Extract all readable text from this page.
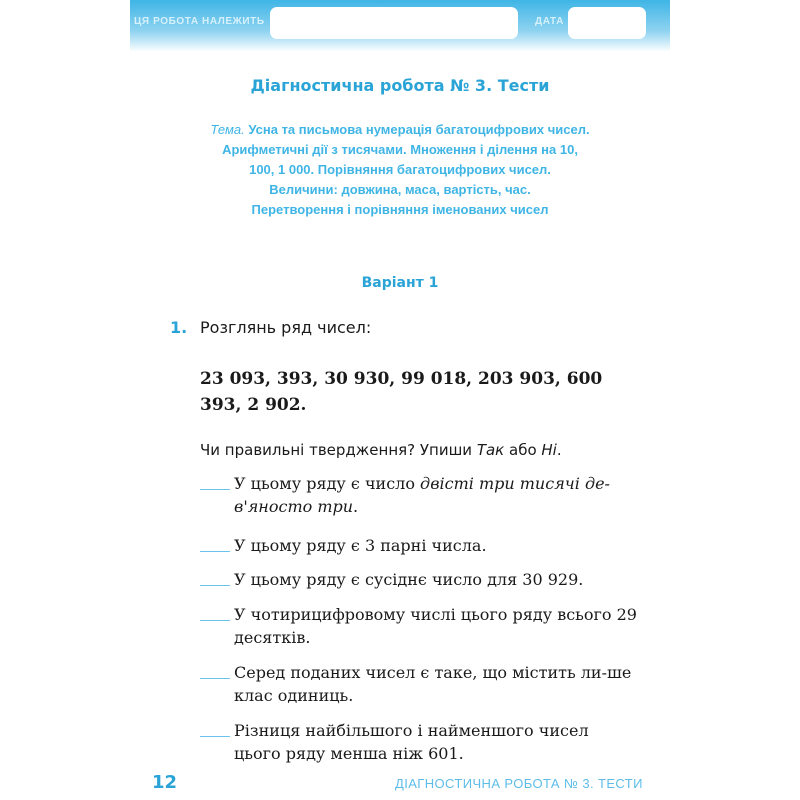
ЦЯ РОБОТА НАЛЕЖИТЬ	ДАТА
Діагностична робота № 3. Тести
Тема. Усна та письмова нумерація багатоцифрових чисел.
Арифметичні дії з тисячами. Множення і ділення на 10,
100, 1 000. Порівняння багатоцифрових чисел.
Величини: довжина, маса, вартість, час.
Перетворення і порівняння іменованих чисел
Варіант 1
1. Розглянь ряд чисел:
23 093, 393, 30 930, 99 018, 203 903, 600 393, 2 902.
Чи правильні твердження? Упиши Так або Ні.
У цьому ряду є число двісті три тисячі де-в'яносто три.
У цьому ряду є 3 парні числа.
У цьому ряду є сусіднє число для 30 929.
У чотирицифровому числі цього ряду всього 29 десятків.
Серед поданих чисел є таке, що містить ли-ше клас одиниць.
Різниця найбільшого і найменшого чисел цього ряду менша ніж 601.
12	ДІАГНОСТИЧНА РОБОТА № 3. ТЕСТИ
